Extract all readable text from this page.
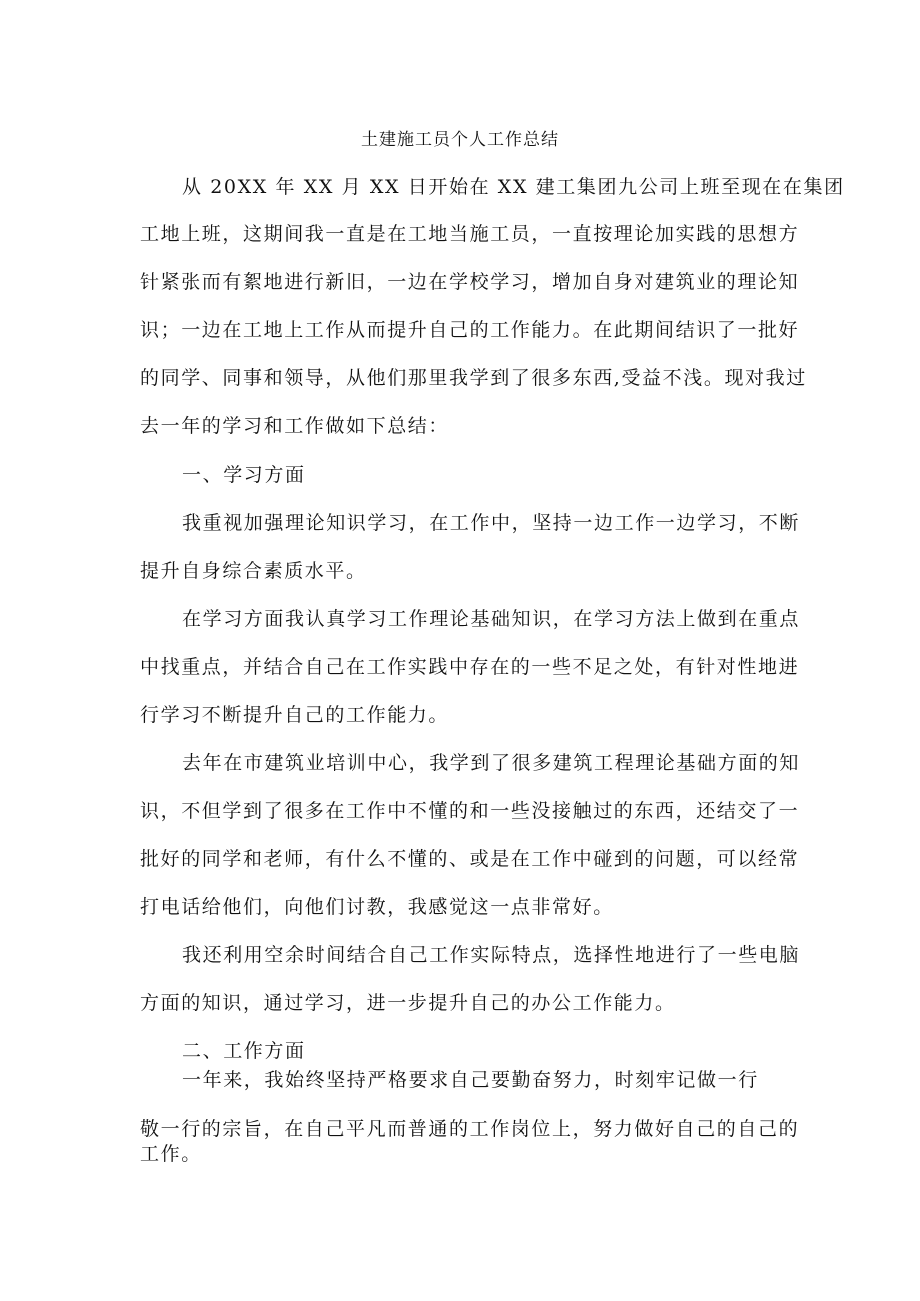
土建施工员个人工作总结
从 20XX 年 XX 月 XX 日开始在 XX 建工集团九公司上班至现在在集团
工地上班，这期间我一直是在工地当施工员，一直按理论加实践的思想方
针紧张而有絮地进行新旧，一边在学校学习，增加自身对建筑业的理论知
识；一边在工地上工作从而提升自己的工作能力。在此期间结识了一批好
的同学、同事和领导，从他们那里我学到了很多东西,受益不浅。现对我过
去一年的学习和工作做如下总结：
一、学习方面
我重视加强理论知识学习，在工作中，坚持一边工作一边学习，不断
提升自身综合素质水平。
在学习方面我认真学习工作理论基础知识，在学习方法上做到在重点
中找重点，并结合自己在工作实践中存在的一些不足之处，有针对性地进
行学习不断提升自己的工作能力。
去年在市建筑业培训中心，我学到了很多建筑工程理论基础方面的知
识，不但学到了很多在工作中不懂的和一些没接触过的东西，还结交了一
批好的同学和老师，有什么不懂的、或是在工作中碰到的问题，可以经常
打电话给他们，向他们讨教，我感觉这一点非常好。
我还利用空余时间结合自己工作实际特点，选择性地进行了一些电脑
方面的知识，通过学习，进一步提升自己的办公工作能力。
二、工作方面
一年来，我始终坚持严格要求自己要勤奋努力，时刻牢记做一行
敬一行的宗旨，在自己平凡而普通的工作岗位上，努力做好自己的自己的
工作。
